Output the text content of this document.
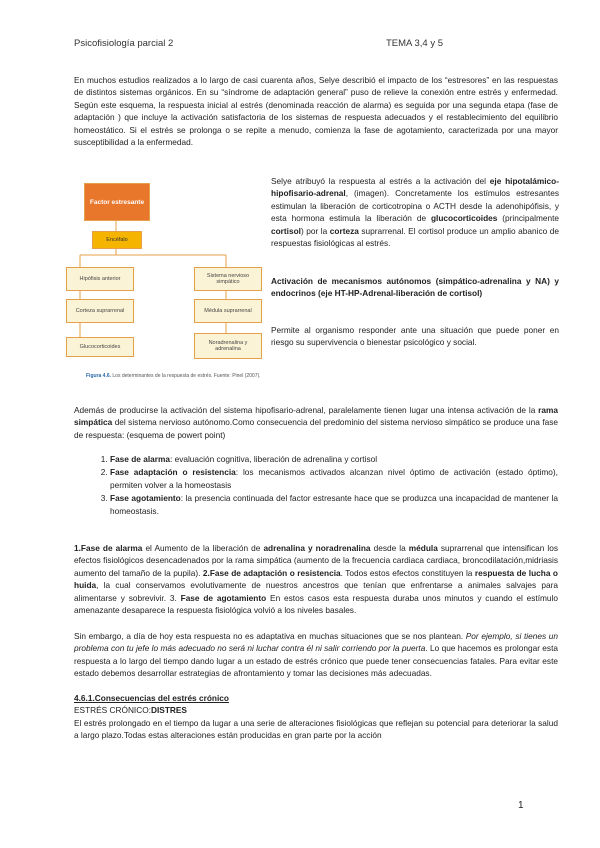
Psicofisiología parcial 2	TEMA 3,4 y 5
En muchos estudios realizados a lo largo de casi cuarenta años, Selye describió el impacto de los “estresores” en las respuestas de distintos sistemas orgánicos. En su “síndrome de adaptación general” puso de relieve la conexión entre estrés y enfermedad. Según este esquema, la respuesta inicial al estrés (denominada reacción de alarma) es seguida por una segunda etapa (fase de adaptación ) que incluye la activación satisfactoria de los sistemas de respuesta adecuados y el restablecimiento del equilibrio homeostático. Si el estrés se prolonga o se repite a menudo, comienza la fase de agotamiento, caracterizada por una mayor susceptibilidad a la enfermedad.
Factor estresante
Encéfalo
Hipófisis anterior
Corteza suprarrenal
Glucocorticoides
Sistema nervioso simpático
Médula suprarrenal
Noradrenalina y adrenalina
Figura 4.6. Los determinantes de la respuesta de estrés. Fuente: Pinel (2007).
Selye atribuyó la respuesta al estrés a la activación del eje hipotalámico-hipofisario-adrenal, (imagen). Concretamente los estímulos estresantes estimulan la liberación de corticotropina o ACTH desde la adenohipófisis, y esta hormona estimula la liberación de glucocorticoides (principalmente cortisol) por la corteza suprarrenal. El cortisol produce un amplio abanico de respuestas fisiológicas al estrés.
Activación de mecanismos autónomos (simpático-adrenalina y NA) y endocrinos (eje HT-HP-Adrenal-liberación de cortisol)
Permite al organismo responder ante una situación que puede poner en riesgo su supervivencia o bienestar psicológico y social.
Además de producirse la activación del sistema hipofisario-adrenal, paralelamente tienen lugar una intensa activación de la rama simpática del sistema nervioso autónomo.Como consecuencia del predominio del sistema nervioso simpático se produce una fase de respuesta: (esquema de powert point)
1. Fase de alarma: evaluación cognitiva, liberación de adrenalina y cortisol
2. Fase adaptación o resistencia: los mecanismos activados alcanzan nivel óptimo de activación (estado óptimo), permiten volver a la homeostasis
3. Fase agotamiento: la presencia continuada del factor estresante hace que se produzca una incapacidad de mantener la homeostasis.
1.Fase de alarma el Aumento de la liberación de adrenalina y noradrenalina desde la médula suprarrenal que intensifican los efectos fisiológicos desencadenados por la rama simpática (aumento de la frecuencia cardiaca cardiaca, broncodilatación,midriasis aumento del tamaño de la pupila). 2.Fase de adaptación o resistencia. Todos estos efectos constituyen la respuesta de lucha o huida, la cual conservamos evolutivamente de nuestros ancestros que tenían que enfrentarse a animales salvajes para alimentarse y sobrevivir. 3. Fase de agotamiento En estos casos esta respuesta duraba unos minutos y cuando el estímulo amenazante desaparece la respuesta fisiológica volvió a los niveles basales.
Sin embargo, a día de hoy esta respuesta no es adaptativa en muchas situaciones que se nos plantean. Por ejemplo, si tienes un problema con tu jefe lo más adecuado no será ni luchar contra él ni salir corriendo por la puerta. Lo que hacemos es prolongar esta respuesta a lo largo del tiempo dando lugar a un estado de estrés crónico que puede tener consecuencias fatales. Para evitar este estado debemos desarrollar estrategias de afrontamiento y tomar las decisiones más adecuadas.
4.6.1.Consecuencias del estrés crónico
ESTRÉS CRÓNICO:DISTRES
El estrés prolongado en el tiempo da lugar a una serie de alteraciones fisiológicas que reflejan su potencial para deteriorar la salud a largo plazo.Todas estas alteraciones están producidas en gran parte por la acción
1
